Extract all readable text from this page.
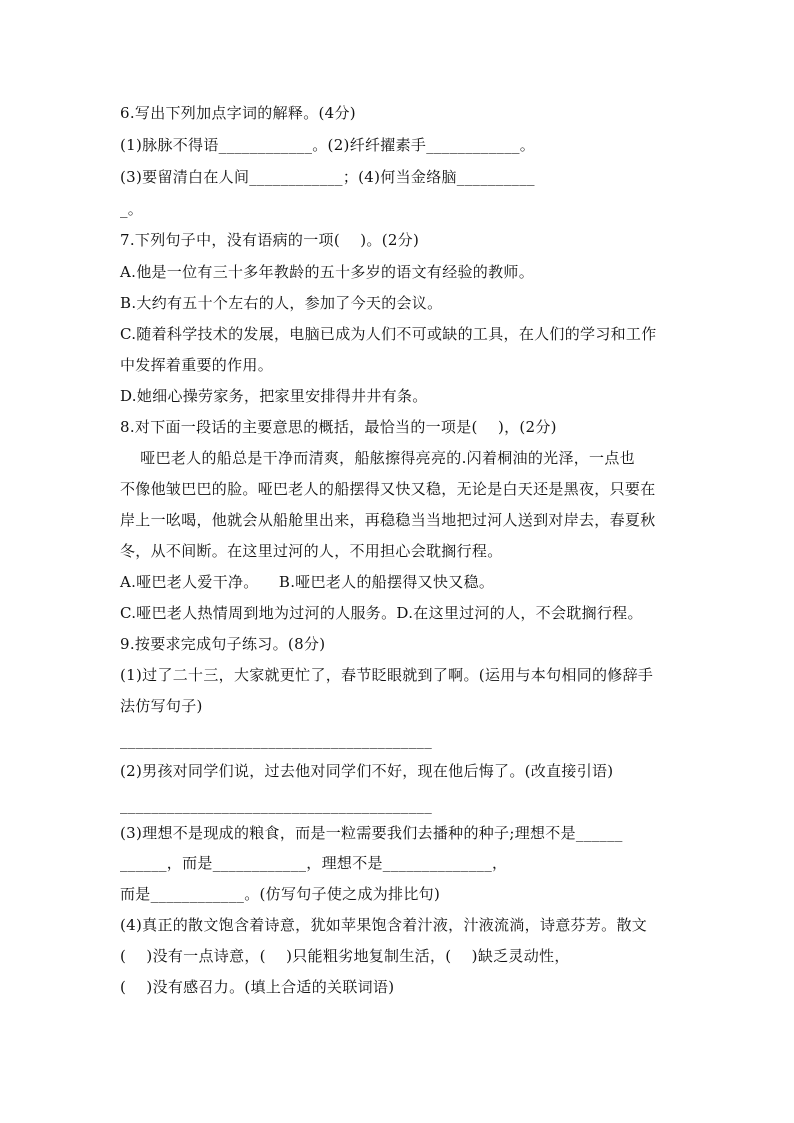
6.写出下列加点字词的解释。(4分)
(1)脉脉不得语____________。(2)纤纤擢素手____________。
(3)要留清白在人间____________；(4)何当金络脑__________
_。
7.下列句子中，没有语病的一项(    )。(2分)
A.他是一位有三十多年教龄的五十多岁的语文有经验的教师。
B.大约有五十个左右的人，参加了今天的会议。
C.随着科学技术的发展，电脑已成为人们不可或缺的工具，在人们的学习和工作
中发挥着重要的作用。
D.她细心操劳家务，把家里安排得井井有条。
8.对下面一段话的主要意思的概括，最恰当的一项是(    )，(2分)
哑巴老人的船总是干净而清爽，船舷擦得亮亮的.闪着桐油的光泽，一点也
不像他皱巴巴的脸。哑巴老人的船摆得又快又稳，无论是白天还是黑夜，只要在
岸上一吆喝，他就会从船舱里出来，再稳稳当当地把过河人送到对岸去，春夏秋
冬，从不间断。在这里过河的人，不用担心会耽搁行程。
A.哑巴老人爱干净。    B.哑巴老人的船摆得又快又稳。
C.哑巴老人热情周到地为过河的人服务。D.在这里过河的人，不会耽搁行程。
9.按要求完成句子练习。(8分)
(1)过了二十三，大家就更忙了，春节眨眼就到了啊。(运用与本句相同的修辞手
法仿写句子)
________________________________________
(2)男孩对同学们说，过去他对同学们不好，现在他后悔了。(改直接引语)
________________________________________
(3)理想不是现成的粮食，而是一粒需要我们去播种的种子;理想不是______
______，而是____________，理想不是______________，
而是____________。(仿写句子使之成为排比句)
(4)真正的散文饱含着诗意，犹如苹果饱含着汁液，汁液流淌，诗意芬芳。散文
(    )没有一点诗意，(    )只能粗劣地复制生活，(    )缺乏灵动性，
(    )没有感召力。(填上合适的关联词语)
